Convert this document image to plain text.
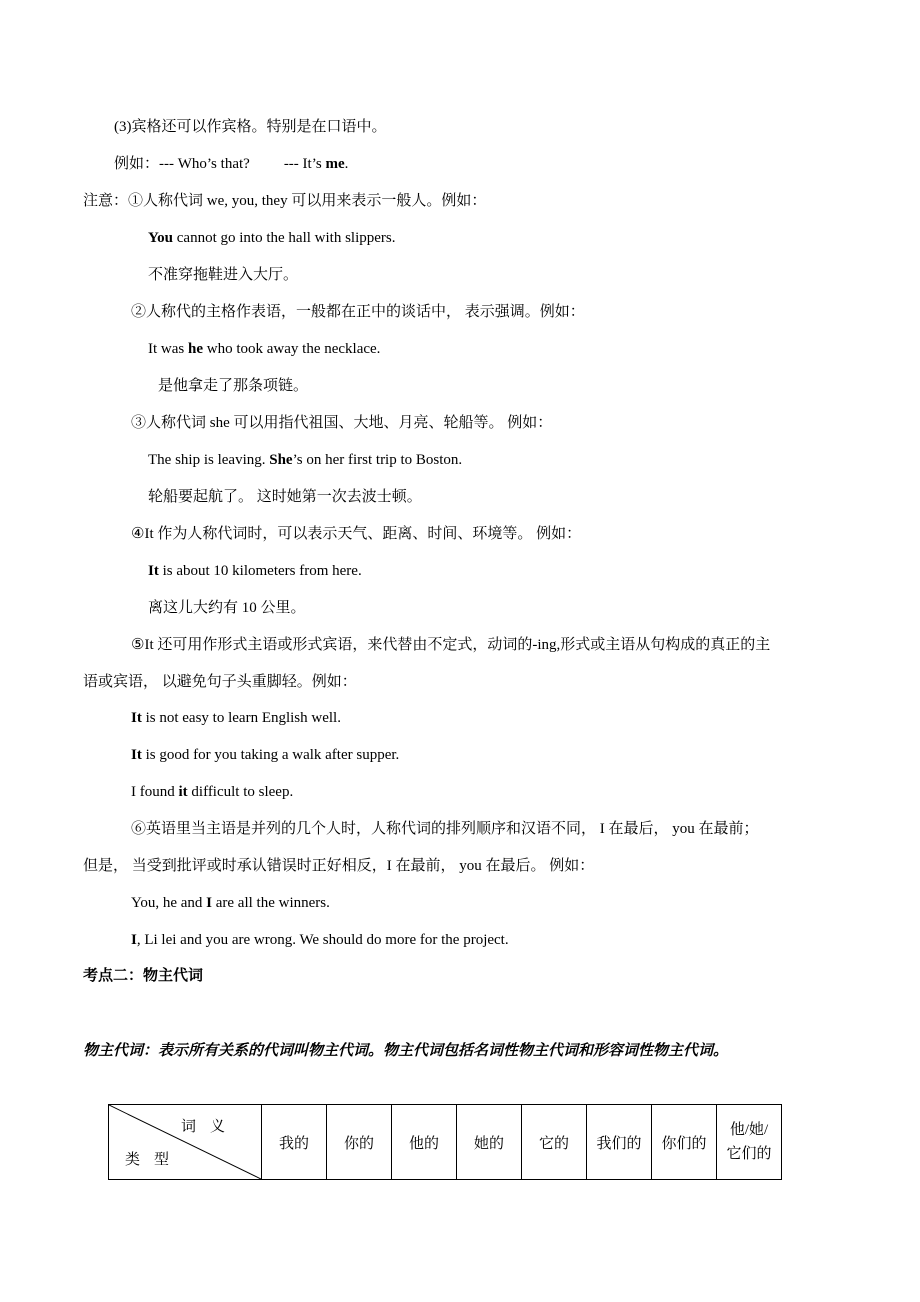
(3)宾格还可以作宾格。特别是在口语中。
例如：--- Who’s that? --- It’s me.
注意：①人称代词 we, you, they 可以用来表示一般人。例如：
You cannot go into the hall with slippers.
不准穿拖鞋进入大厅。
②人称代的主格作表语，一般都在正中的谈话中， 表示强调。例如：
It was he who took away the necklace.
是他拿走了那条项链。
③人称代词 she 可以用指代祖国、大地、月亮、轮船等。 例如：
The ship is leaving. She’s on her first trip to Boston.
轮船要起航了。 这时她第一次去波士顿。
④It 作为人称代词时，可以表示天气、距离、时间、环境等。 例如：
It is about 10 kilometers from here.
离这儿大约有 10 公里。
⑤It 还可用作形式主语或形式宾语，来代替由不定式，动词的-ing,形式或主语从句构成的真正的主
语或宾语， 以避免句子头重脚轻。例如：
It is not easy to learn English well.
It is good for you taking a walk after supper.
I found it difficult to sleep.
⑥英语里当主语是并列的几个人时，人称代词的排列顺序和汉语不同， I 在最后， you 在最前；
但是， 当受到批评或时承认错误时正好相反，I 在最前， you 在最后。 例如：
You, he and I are all the winners.
I, Li lei and you are wrong. We should do more for the project.
考点二：物主代词
物主代词：表示所有关系的代词叫物主代词。物主代词包括名词性物主代词和形容词性物主代词。
词义
类型
	我的	你的	他的	她的	它的	我们的	你们的	他/她/
它们的
